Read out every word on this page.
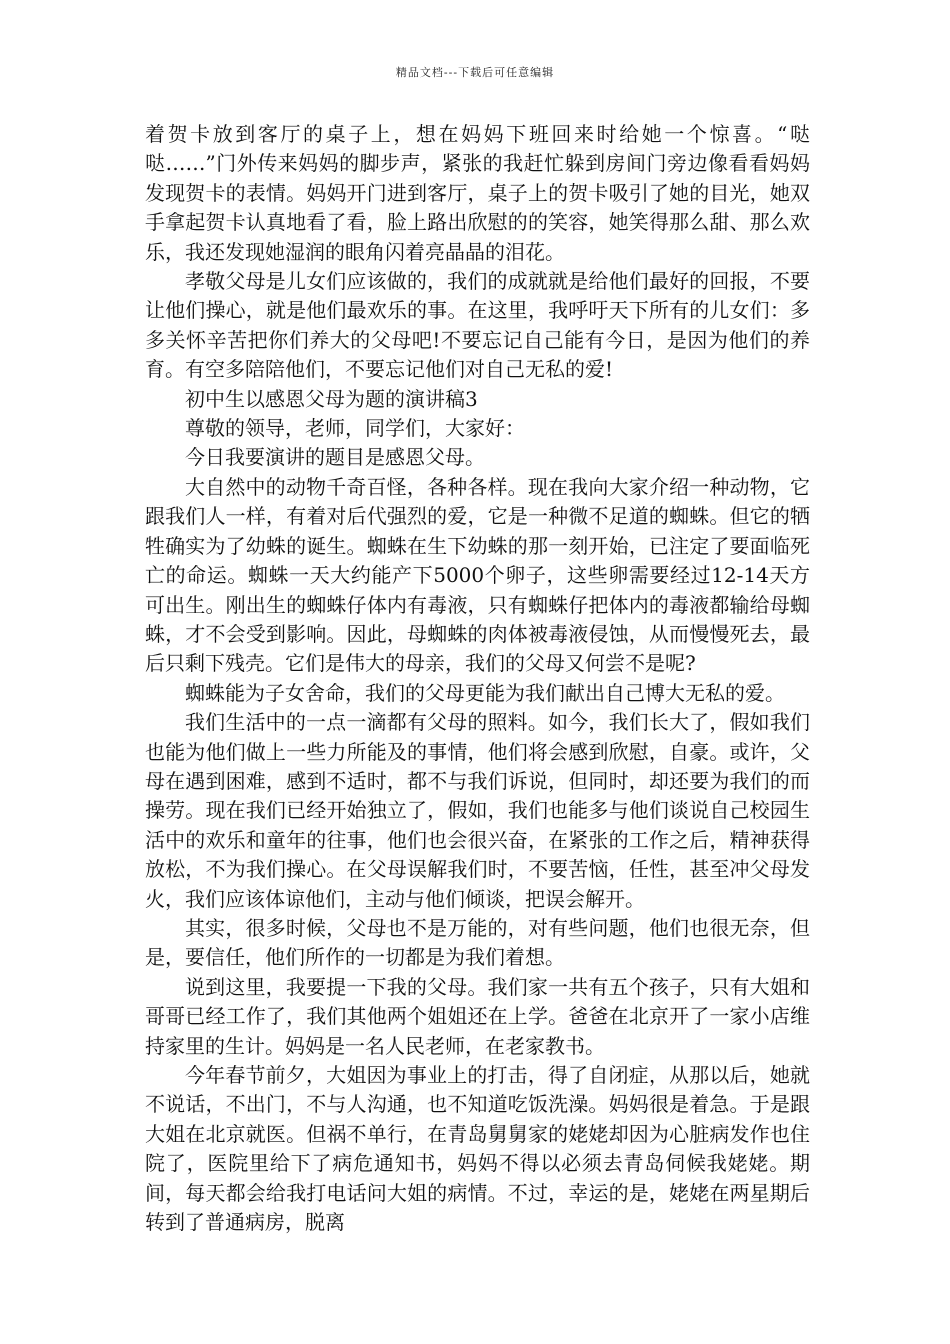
精品文档---下载后可任意编辑

着贺卡放到客厅的桌子上，想在妈妈下班回来时给她一个惊喜。“哒哒……”门外传来妈妈的脚步声，紧张的我赶忙躲到房间门旁边像看看妈妈发现贺卡的表情。妈妈开门进到客厅，桌子上的贺卡吸引了她的目光，她双手拿起贺卡认真地看了看，脸上路出欣慰的的笑容，她笑得那么甜、那么欢乐，我还发现她湿润的眼角闪着亮晶晶的泪花。

孝敬父母是儿女们应该做的，我们的成就就是给他们最好的回报，不要让他们操心，就是他们最欢乐的事。在这里，我呼吁天下所有的儿女们：多多关怀辛苦把你们养大的父母吧!不要忘记自己能有今日，是因为他们的养育。有空多陪陪他们，不要忘记他们对自己无私的爱!

初中生以感恩父母为题的演讲稿3

尊敬的领导，老师，同学们，大家好：

今日我要演讲的题目是感恩父母。

大自然中的动物千奇百怪，各种各样。现在我向大家介绍一种动物，它跟我们人一样，有着对后代强烈的爱，它是一种微不足道的蜘蛛。但它的牺牲确实为了幼蛛的诞生。蜘蛛在生下幼蛛的那一刻开始，已注定了要面临死亡的命运。蜘蛛一天大约能产下5000个卵子，这些卵需要经过12-14天方可出生。刚出生的蜘蛛仔体内有毒液，只有蜘蛛仔把体内的毒液都输给母蜘蛛，才不会受到影响。因此，母蜘蛛的肉体被毒液侵蚀，从而慢慢死去，最后只剩下残壳。它们是伟大的母亲，我们的父母又何尝不是呢?

蜘蛛能为子女舍命，我们的父母更能为我们献出自己博大无私的爱。

我们生活中的一点一滴都有父母的照料。如今，我们长大了，假如我们也能为他们做上一些力所能及的事情，他们将会感到欣慰，自豪。或许，父母在遇到困难，感到不适时，都不与我们诉说，但同时，却还要为我们的而操劳。现在我们已经开始独立了，假如，我们也能多与他们谈说自己校园生活中的欢乐和童年的往事，他们也会很兴奋，在紧张的工作之后，精神获得放松，不为我们操心。在父母误解我们时，不要苦恼，任性，甚至冲父母发火，我们应该体谅他们，主动与他们倾谈，把误会解开。

其实，很多时候，父母也不是万能的，对有些问题，他们也很无奈，但是，要信任，他们所作的一切都是为我们着想。

说到这里，我要提一下我的父母。我们家一共有五个孩子，只有大姐和哥哥已经工作了，我们其他两个姐姐还在上学。爸爸在北京开了一家小店维持家里的生计。妈妈是一名人民老师，在老家教书。

今年春节前夕，大姐因为事业上的打击，得了自闭症，从那以后，她就不说话，不出门，不与人沟通，也不知道吃饭洗澡。妈妈很是着急。于是跟大姐在北京就医。但祸不单行，在青岛舅舅家的姥姥却因为心脏病发作也住院了，医院里给下了病危通知书，妈妈不得以必须去青岛伺候我姥姥。期间，每天都会给我打电话问大姐的病情。不过，幸运的是，姥姥在两星期后转到了普通病房，脱离
